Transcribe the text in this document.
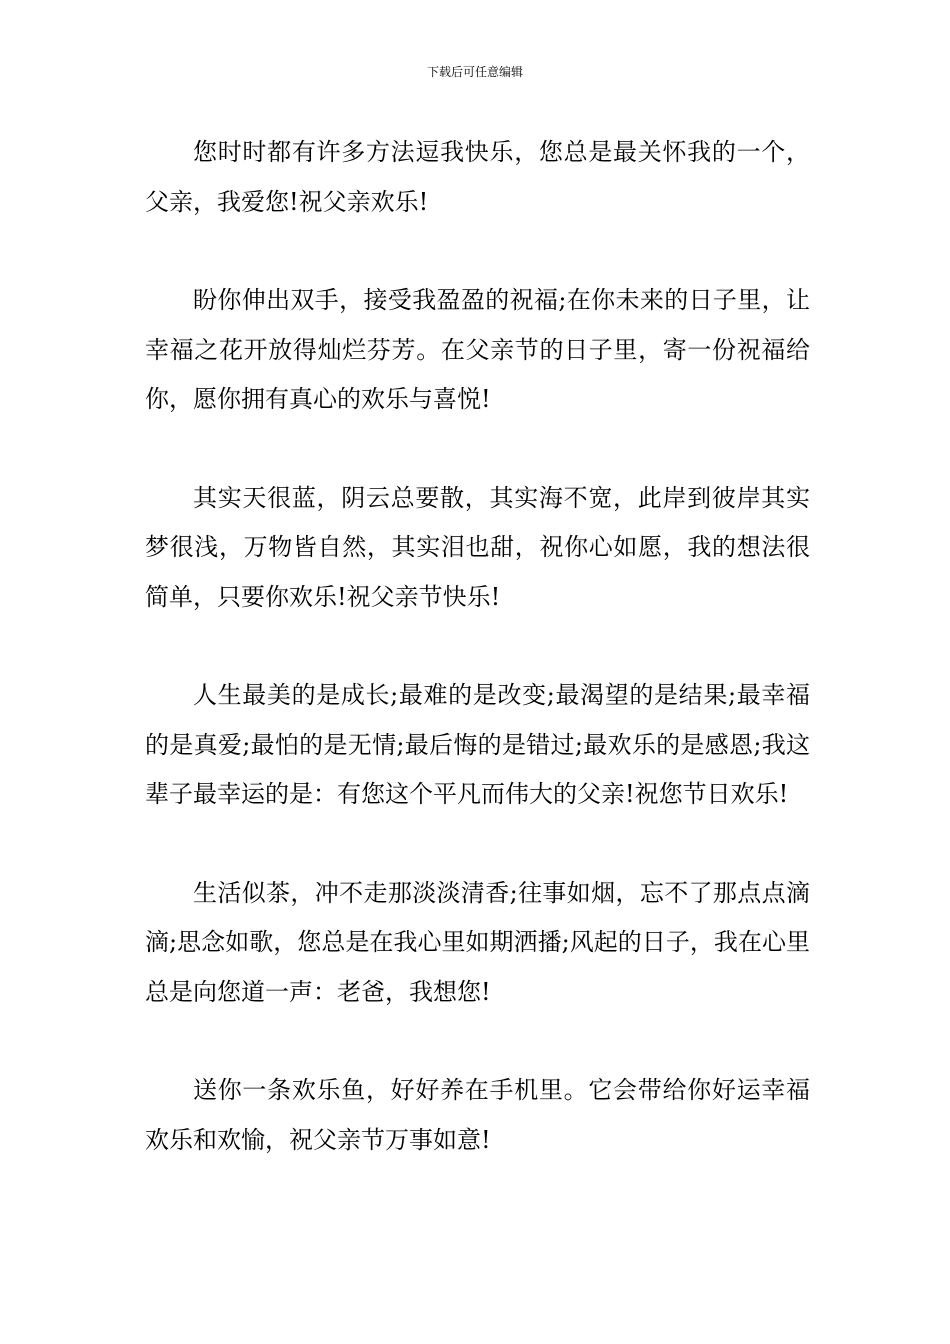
下载后可任意编辑

您时时都有许多方法逗我快乐，您总是最关怀我的一个，父亲，我爱您!祝父亲欢乐!

盼你伸出双手，接受我盈盈的祝福;在你未来的日子里，让幸福之花开放得灿烂芬芳。在父亲节的日子里，寄一份祝福给你，愿你拥有真心的欢乐与喜悦!

其实天很蓝，阴云总要散，其实海不宽，此岸到彼岸其实梦很浅，万物皆自然，其实泪也甜，祝你心如愿，我的想法很简单，只要你欢乐!祝父亲节快乐!

人生最美的是成长;最难的是改变;最渴望的是结果;最幸福的是真爱;最怕的是无情;最后悔的是错过;最欢乐的是感恩;我这辈子最幸运的是：有您这个平凡而伟大的父亲!祝您节日欢乐!

生活似茶，冲不走那淡淡清香;往事如烟，忘不了那点点滴滴;思念如歌，您总是在我心里如期洒播;风起的日子，我在心里总是向您道一声：老爸，我想您!

送你一条欢乐鱼，好好养在手机里。它会带给你好运幸福欢乐和欢愉，祝父亲节万事如意!
